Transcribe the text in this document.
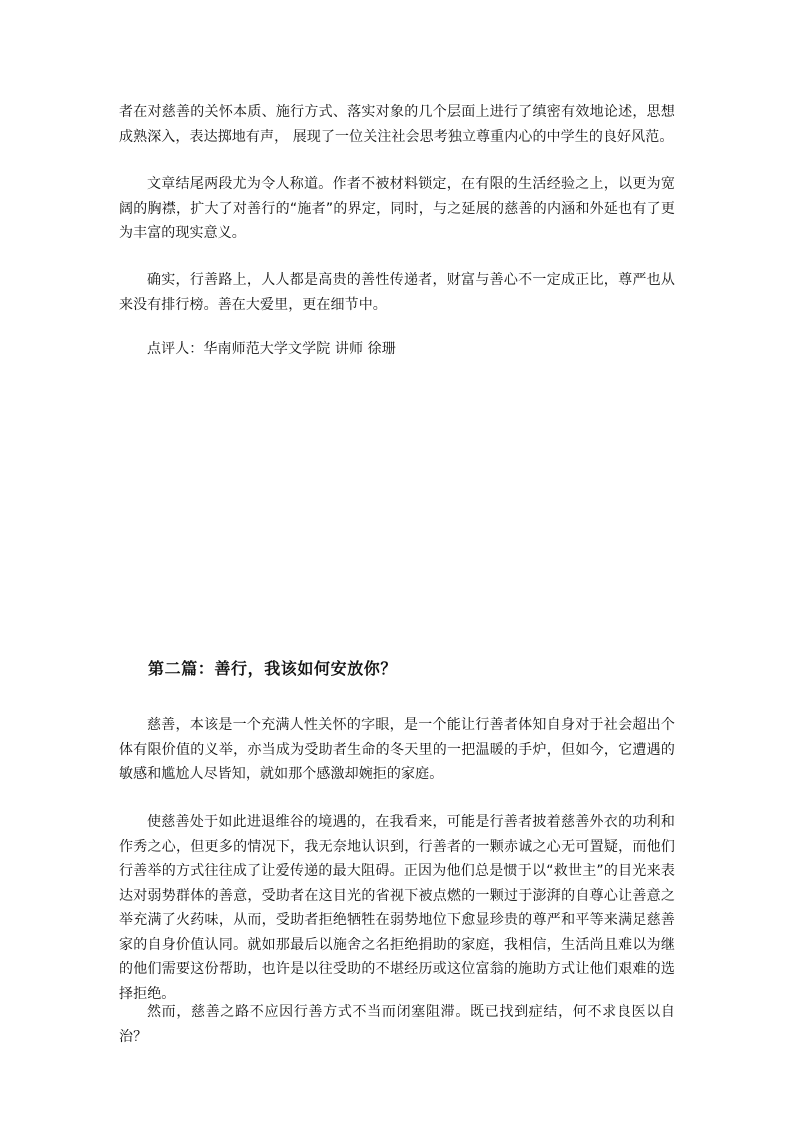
者在对慈善的关怀本质、施行方式、落实对象的几个层面上进行了缜密有效地论述，思想成熟深入，表达掷地有声， 展现了一位关注社会思考独立尊重内心的中学生的良好风范。

文章结尾两段尤为令人称道。作者不被材料锁定，在有限的生活经验之上，以更为宽阔的胸襟，扩大了对善行的“施者”的界定，同时，与之延展的慈善的内涵和外延也有了更为丰富的现实意义。

确实，行善路上，人人都是高贵的善性传递者，财富与善心不一定成正比，尊严也从来没有排行榜。善在大爱里，更在细节中。

点评人：华南师范大学文学院 讲师 徐珊

第二篇：善行，我该如何安放你？

慈善，本该是一个充满人性关怀的字眼，是一个能让行善者体知自身对于社会超出个体有限价值的义举，亦当成为受助者生命的冬天里的一把温暖的手炉，但如今，它遭遇的敏感和尴尬人尽皆知，就如那个感激却婉拒的家庭。

使慈善处于如此进退维谷的境遇的，在我看来，可能是行善者披着慈善外衣的功利和作秀之心，但更多的情况下，我无奈地认识到，行善者的一颗赤诚之心无可置疑，而他们行善举的方式往往成了让爱传递的最大阻碍。正因为他们总是惯于以“救世主”的目光来表达对弱势群体的善意，受助者在这目光的省视下被点燃的一颗过于澎湃的自尊心让善意之举充满了火药味，从而，受助者拒绝牺牲在弱势地位下愈显珍贵的尊严和平等来满足慈善家的自身价值认同。就如那最后以施舍之名拒绝捐助的家庭，我相信，生活尚且难以为继的他们需要这份帮助，也许是以往受助的不堪经历或这位富翁的施助方式让他们艰难的选择拒绝。

然而，慈善之路不应因行善方式不当而闭塞阻滞。既已找到症结，何不求良医以自治？
